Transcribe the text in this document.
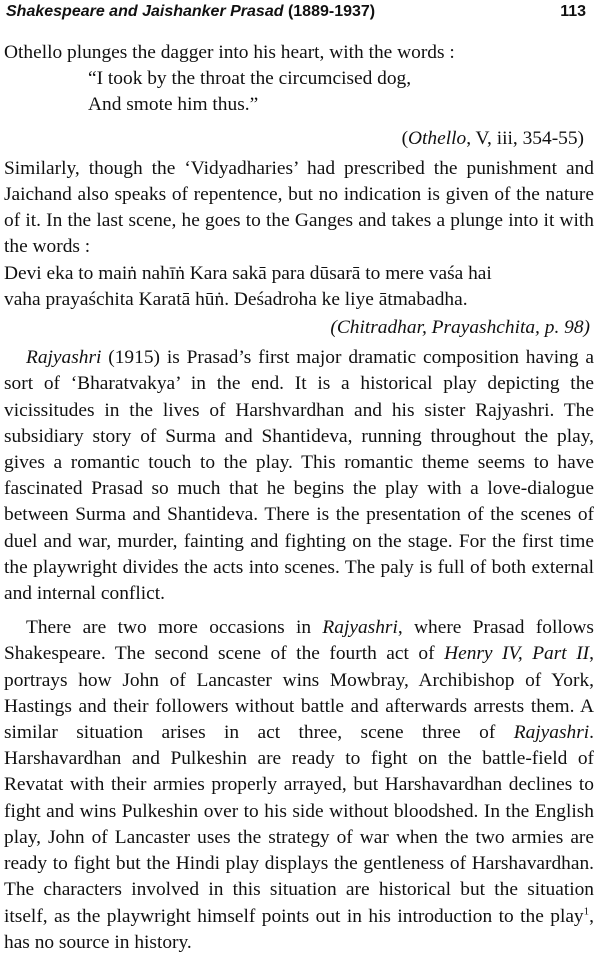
Shakespeare and Jaishanker Prasad (1889-1937)	113

Othello plunges the dagger into his heart, with the words :

“I took by the throat the circumcised dog,

And smote him thus.”

(Othello, V, iii, 354-55)

Similarly, though the ‘Vidyadharies’ had prescribed the punishment and Jaichand also speaks of repentence, but no indication is given of the nature of it. In the last scene, he goes to the Ganges and takes a plunge into it with the words :

Devi eka to maiṅ nahīṅ Kara sakā para dūsarā to mere vaśa hai

vaha prayaśchita Karatā hūṅ. Deśadroha ke liye ātmabadha.

(Chitradhar, Prayashchita, p. 98)

Rajyashri (1915) is Prasad’s first major dramatic composition having a sort of ‘Bharatvakya’ in the end. It is a historical play depicting the vicissitudes in the lives of Harshvardhan and his sister Rajyashri. The subsidiary story of Surma and Shantideva, running throughout the play, gives a romantic touch to the play. This romantic theme seems to have fascinated Prasad so much that he begins the play with a love-dialogue between Surma and Shantideva. There is the presentation of the scenes of duel and war, murder, fainting and fighting on the stage. For the first time the playwright divides the acts into scenes. The paly is full of both external and internal conflict.

There are two more occasions in Rajyashri, where Prasad follows Shakespeare. The second scene of the fourth act of Henry IV, Part II, portrays how John of Lancaster wins Mowbray, Archibishop of York, Hastings and their followers without battle and afterwards arrests them. A similar situation arises in act three, scene three of Rajyashri. Harshavardhan and Pulkeshin are ready to fight on the battle-field of Revatat with their armies properly arrayed, but Harshavardhan declines to fight and wins Pulkeshin over to his side without bloodshed. In the English play, John of Lancaster uses the strategy of war when the two armies are ready to fight but the Hindi play displays the gentleness of Harshavardhan. The characters involved in this situation are historical but the situation itself, as the playwright himself points out in his introduction to the play$^1$, has no source in history.
